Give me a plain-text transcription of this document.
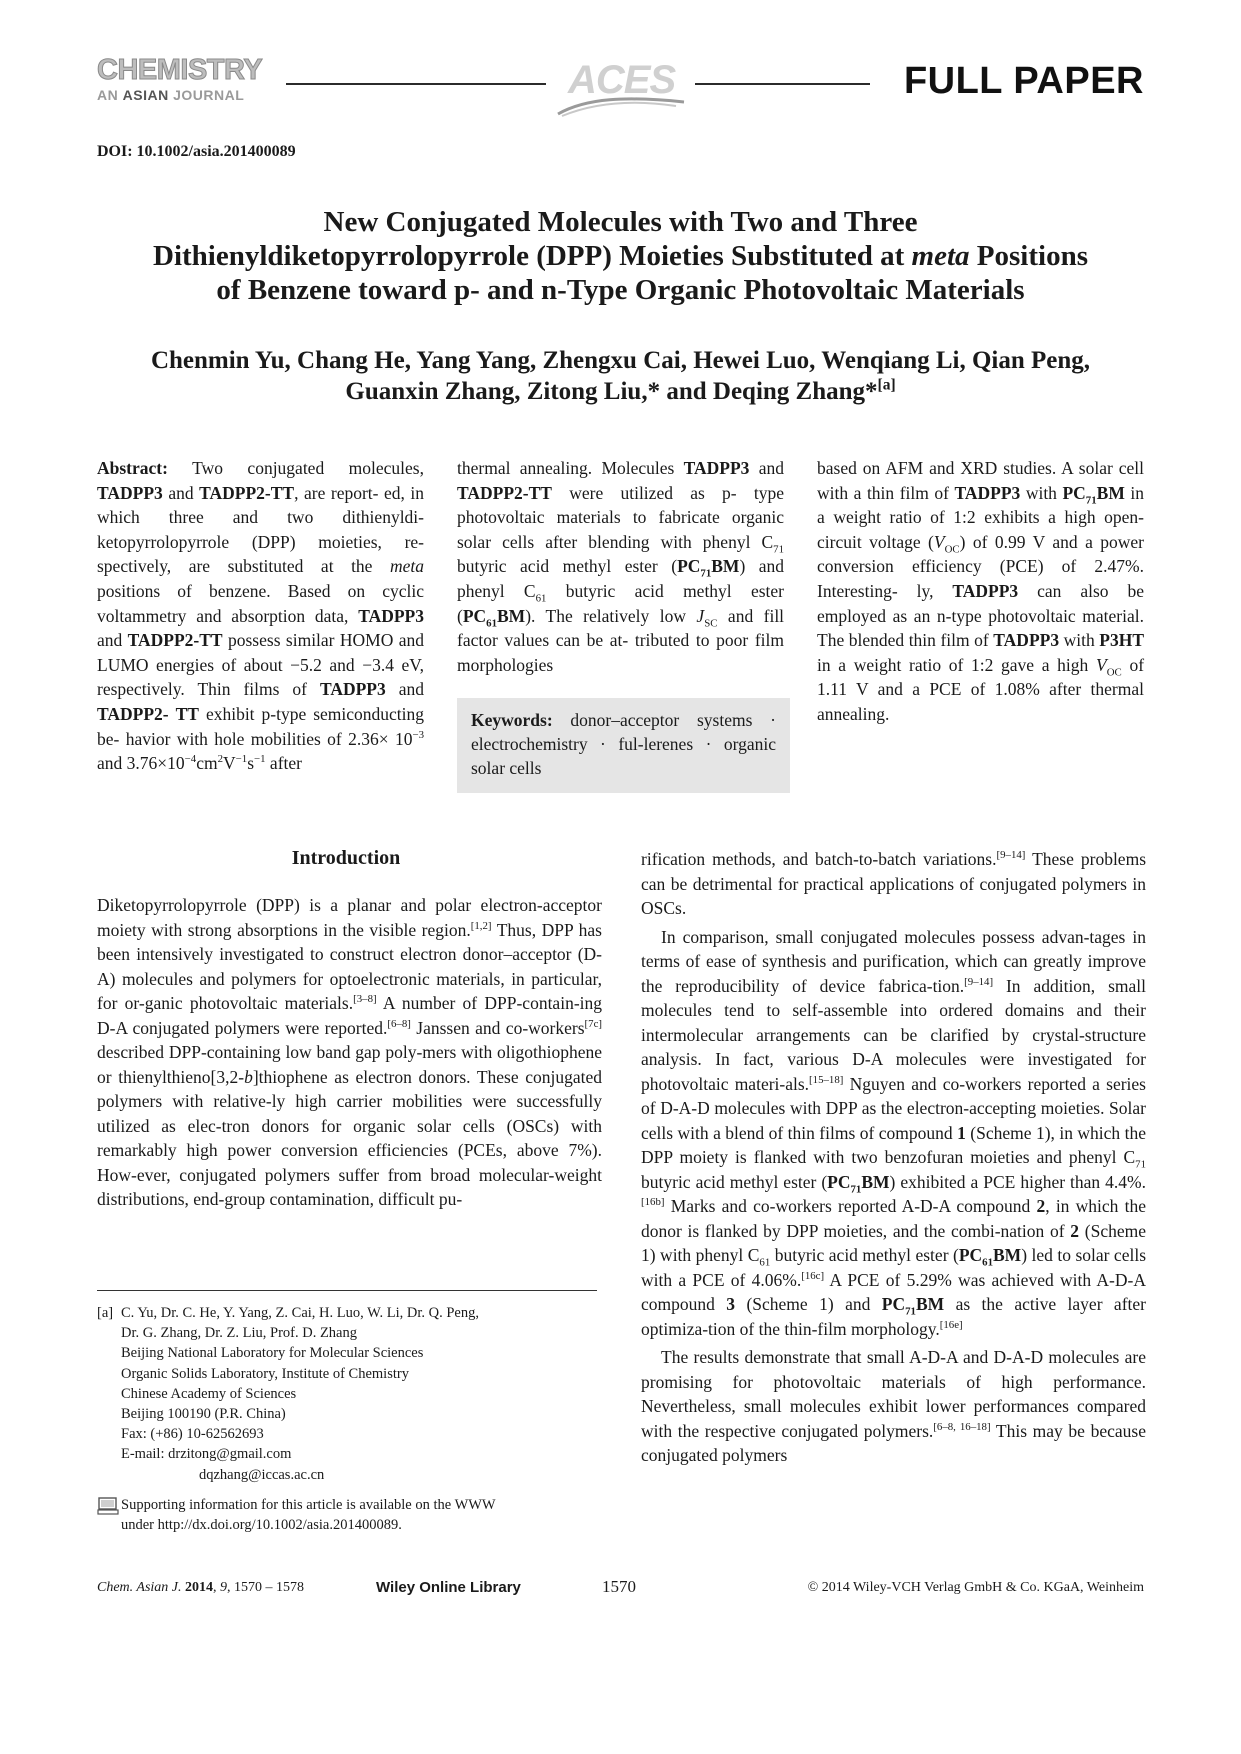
CHEMISTRY
AN ASIAN JOURNAL	ACES	FULL PAPER
DOI: 10.1002/asia.201400089
New Conjugated Molecules with Two and Three
Dithienyldiketopyrrolopyrrole (DPP) Moieties Substituted at meta Positions
of Benzene toward p- and n-Type Organic Photovoltaic Materials
Chenmin Yu, Chang He, Yang Yang, Zhengxu Cai, Hewei Luo, Wenqiang Li, Qian Peng,
Guanxin Zhang, Zitong Liu,* and Deqing Zhang*[a]
Abstract: Two conjugated molecules, TADPP3 and TADPP2-TT, are report- ed, in which three and two dithienyldi- ketopyrrolopyrrole (DPP) moieties, re- spectively, are substituted at the meta positions of benzene. Based on cyclic voltammetry and absorption data, TADPP3 and TADPP2-TT possess similar HOMO and LUMO energies of about −5.2 and −3.4 eV, respectively. Thin films of TADPP3 and TADPP2- TT exhibit p-type semiconducting be- havior with hole mobilities of $2.36\times 10^{-3}$ and $3.76\times 10^{-4}cm^2V^{-1}s^{-1}$ after
thermal annealing. Molecules TADPP3 and TADPP2-TT were utilized as p- type photovoltaic materials to fabricate organic solar cells after blending with phenyl $C_{71}$ butyric acid methyl ester $(PC_{71}BM)$ and phenyl $C_{61}$ butyric acid methyl ester $(PC_{61}BM)$. The relatively low $J_{SC}$ and fill factor values can be at- tributed to poor film morphologies
Keywords: donor–acceptor systems · electrochemistry · ful-lerenes · organic solar cells
based on AFM and XRD studies. A solar cell with a thin film of TADPP3 with $PC_{71}BM$ in a weight ratio of 1:2 exhibits a high open-circuit voltage $(V_{OC})$ of 0.99 V and a power conversion efficiency (PCE) of 2.47%. Interesting- ly, TADPP3 can also be employed as an n-type photovoltaic material. The blended thin film of TADPP3 with P3HT in a weight ratio of 1:2 gave a high $V_{OC}$ of 1.11 V and a PCE of 1.08% after thermal annealing.
Introduction

Diketopyrrolopyrrole (DPP) is a planar and polar electron-acceptor moiety with strong absorptions in the visible region.[1,2] Thus, DPP has been intensively investigated to construct electron donor–acceptor (D-A) molecules and polymers for optoelectronic materials, in particular, for or-ganic photovoltaic materials.[3–8] A number of DPP-contain-ing D-A conjugated polymers were reported.[6–8] Janssen and co-workers[7c] described DPP-containing low band gap poly-mers with oligothiophene or thienylthieno[3,2-b]thiophene as electron donors. These conjugated polymers with relative-ly high carrier mobilities were successfully utilized as elec-tron donors for organic solar cells (OSCs) with remarkably high power conversion efficiencies (PCEs, above 7%). How-ever, conjugated polymers suffer from broad molecular-weight distributions, end-group contamination, difficult pu-

rification methods, and batch-to-batch variations.[9–14] These problems can be detrimental for practical applications of conjugated polymers in OSCs.

In comparison, small conjugated molecules possess advan-tages in terms of ease of synthesis and purification, which can greatly improve the reproducibility of device fabrica-tion.[9–14] In addition, small molecules tend to self-assemble into ordered domains and their intermolecular arrangements can be clarified by crystal-structure analysis. In fact, various D-A molecules were investigated for photovoltaic materi-als.[15–18] Nguyen and co-workers reported a series of D-A-D molecules with DPP as the electron-accepting moieties. Solar cells with a blend of thin films of compound 1 (Scheme 1), in which the DPP moiety is flanked with two benzofuran moieties and phenyl $C_{71}$ butyric acid methyl ester $(PC_{71}BM)$ exhibited a PCE higher than 4.4%.[16b] Marks and co-workers reported A-D-A compound 2, in which the donor is flanked by DPP moieties, and the combi-nation of 2 (Scheme 1) with phenyl $C_{61}$ butyric acid methyl ester $(PC_{61}BM)$ led to solar cells with a PCE of 4.06%.[16c] A PCE of 5.29% was achieved with A-D-A compound 3 (Scheme 1) and $PC_{71}BM$ as the active layer after optimiza-tion of the thin-film morphology.[16e]

The results demonstrate that small A-D-A and D-A-D molecules are promising for photovoltaic materials of high performance. Nevertheless, small molecules exhibit lower performances compared with the respective conjugated polymers.[6–8, 16–18] This may be because conjugated polymers

[a] C. Yu, Dr. C. He, Y. Yang, Z. Cai, H. Luo, W. Li, Dr. Q. Peng,
Dr. G. Zhang, Dr. Z. Liu, Prof. D. Zhang
Beijing National Laboratory for Molecular Sciences
Organic Solids Laboratory, Institute of Chemistry
Chinese Academy of Sciences
Beijing 100190 (P.R. China)
Fax: (+86) 10-62562693
E-mail: drzitong@gmail.com
dqzhang@iccas.ac.cn
Supporting information for this article is available on the WWW
under http://dx.doi.org/10.1002/asia.201400089.
Chem. Asian J. 2014, 9, 1570 – 1578	Wiley Online Library	1570	© 2014 Wiley-VCH Verlag GmbH & Co. KGaA, Weinheim
